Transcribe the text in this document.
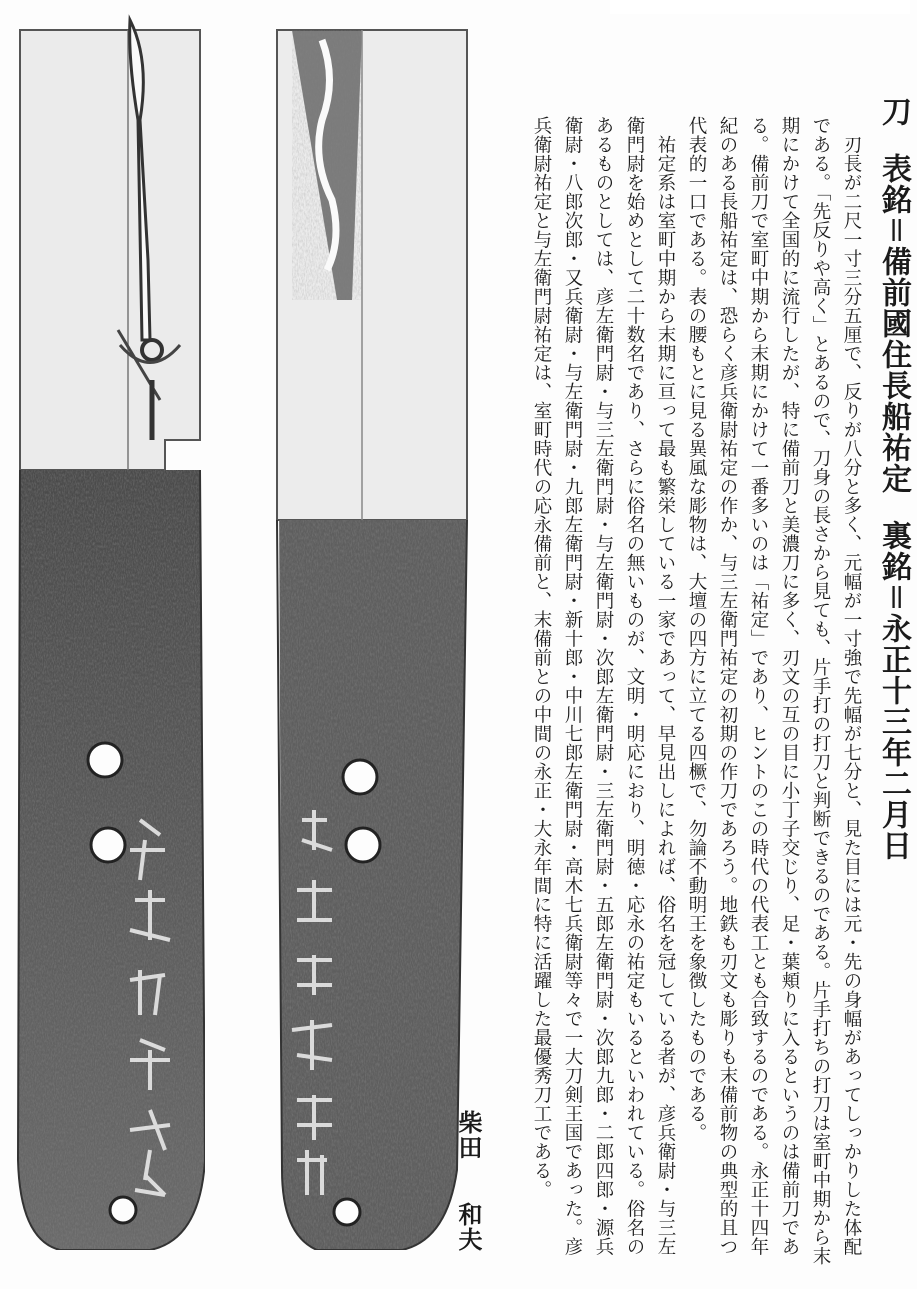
刀表銘＝備前國住長船祐定裏銘＝永正十三年二月日

刃長が二尺一寸三分五厘で、反りが八分と多く、元幅が一寸強で先幅が七分と、見た目には元・先の身幅があってしっかりした体配である。「先反りや高く」とあるので、刀身の長さから見ても、片手打の打刀と判断できるのである。片手打ちの打刀は室町中期から末期にかけて全国的に流行したが、特に備前刀と美濃刀に多く、刃文の互の目に小丁子交じり、足・葉頬りに入るというのは備前刀である。備前刀で室町中期から末期にかけて一番多いのは「祐定」であり、ヒントのこの時代の代表工とも合致するのである。永正十四年紀のある長船祐定は、恐らく彦兵衛尉祐定の作か、与三左衛門祐定の初期の作刀であろう。地鉄も刃文も彫りも末備前物の典型的且つ代表的一口である。表の腰もとに見る異風な彫物は、大壇の四方に立てる四橛で、勿論不動明王を象徴したものである。

祐定系は室町中期から末期に亘って最も繁栄している一家であって、早見出しによれば、俗名を冠している者が、彦兵衛尉・与三左衛門尉を始めとして二十数名であり、さらに俗名の無いものが、文明・明応におり、明徳・応永の祐定もいるといわれている。俗名のあるものとしては、彦左衛門尉・与三左衛門尉・与左衛門尉・次郎左衛門尉・三左衛門尉・五郎左衛門尉・次郎九郎・二郎四郎・源兵衛尉・八郎次郎・又兵衛尉・与左衛門尉・九郎左衛門尉・新十郎・中川七郎左衛門尉・高木七兵衛尉等々で一大刀剣王国であった。彦兵衛尉祐定と与左衛門尉祐定は、室町時代の応永備前と、末備前との中間の永正・大永年間に特に活躍した最優秀刀工である。

柴田和夫
